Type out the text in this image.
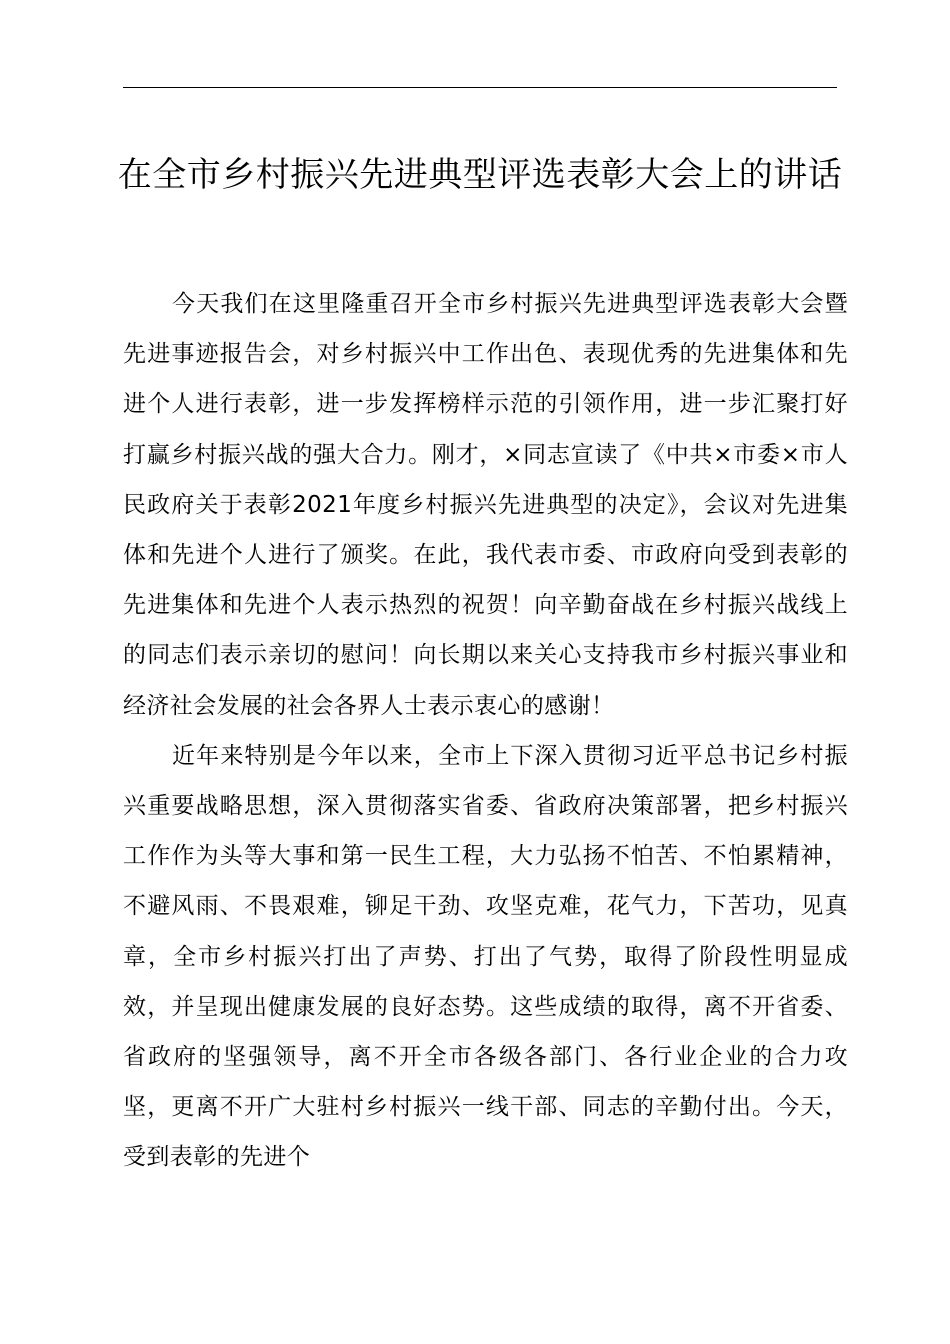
在全市乡村振兴先进典型评选表彰大会上的讲话

今天我们在这里隆重召开全市乡村振兴先进典型评选表彰大会暨先进事迹报告会，对乡村振兴中工作出色、表现优秀的先进集体和先进个人进行表彰，进一步发挥榜样示范的引领作用，进一步汇聚打好打赢乡村振兴战的强大合力。刚才，×同志宣读了《中共×市委×市人民政府关于表彰2021年度乡村振兴先进典型的决定》，会议对先进集体和先进个人进行了颁奖。在此，我代表市委、市政府向受到表彰的先进集体和先进个人表示热烈的祝贺！向辛勤奋战在乡村振兴战线上的同志们表示亲切的慰问！向长期以来关心支持我市乡村振兴事业和经济社会发展的社会各界人士表示衷心的感谢！

近年来特别是今年以来，全市上下深入贯彻习近平总书记乡村振兴重要战略思想，深入贯彻落实省委、省政府决策部署，把乡村振兴工作作为头等大事和第一民生工程，大力弘扬不怕苦、不怕累精神，不避风雨、不畏艰难，铆足干劲、攻坚克难，花气力，下苦功，见真章，全市乡村振兴打出了声势、打出了气势，取得了阶段性明显成效，并呈现出健康发展的良好态势。这些成绩的取得，离不开省委、省政府的坚强领导，离不开全市各级各部门、各行业企业的合力攻坚，更离不开广大驻村乡村振兴一线干部、同志的辛勤付出。今天，受到表彰的先进个
